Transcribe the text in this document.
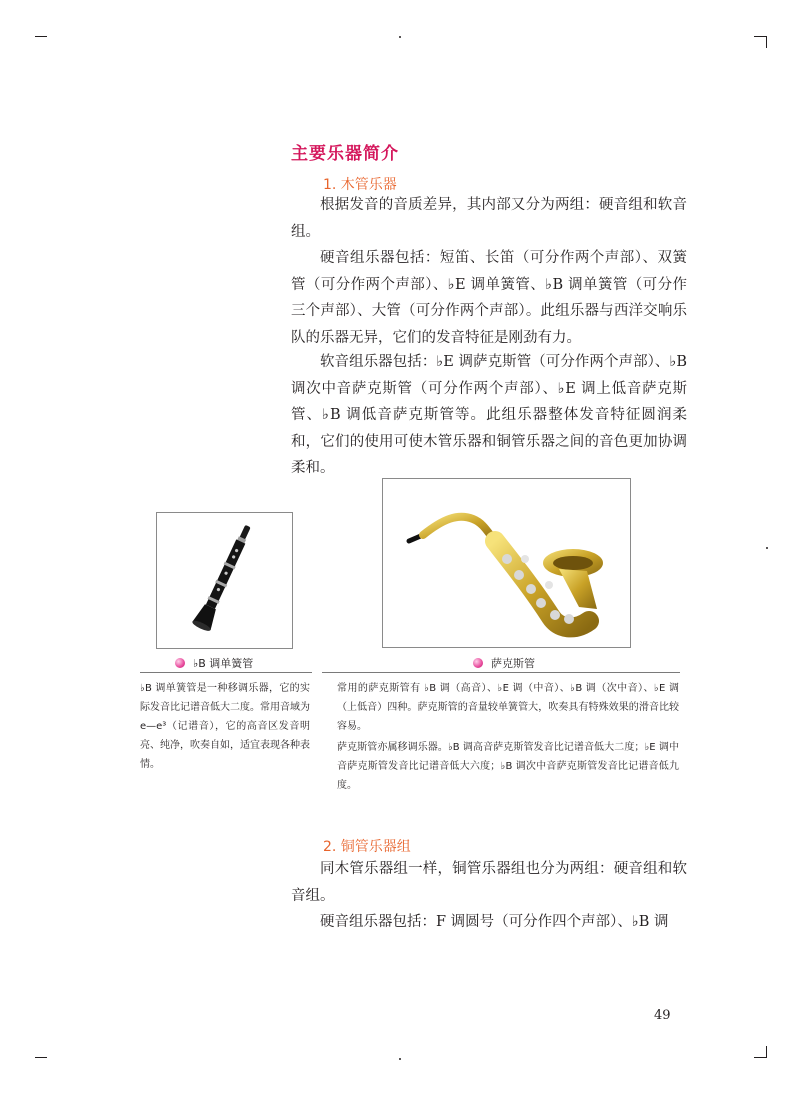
主要乐器简介
1. 木管乐器
根据发音的音质差异，其内部又分为两组：硬音组和软音组。
硬音组乐器包括：短笛、长笛（可分作两个声部）、双簧管（可分作两个声部）、♭E 调单簧管、♭B 调单簧管（可分作三个声部）、大管（可分作两个声部）。此组乐器与西洋交响乐队的乐器无异，它们的发音特征是刚劲有力。
软音组乐器包括：♭E 调萨克斯管（可分作两个声部）、♭B 调次中音萨克斯管（可分作两个声部）、♭E 调上低音萨克斯管、♭B 调低音萨克斯管等。此组乐器整体发音特征圆润柔和，它们的使用可使木管乐器和铜管乐器之间的音色更加协调柔和。
♭B 调单簧管
♭B 调单簧管是一种移调乐器，它的实际发音比记谱音低大二度。常用音域为 e—e³（记谱音），它的高音区发音明亮、纯净，吹奏自如，适宜表现各种表情。
萨克斯管
常用的萨克斯管有 ♭B 调（高音）、♭E 调（中音）、♭B 调（次中音）、♭E 调（上低音）四种。萨克斯管的音量较单簧管大，吹奏具有特殊效果的滑音比较容易。
萨克斯管亦属移调乐器。♭B 调高音萨克斯管发音比记谱音低大二度；♭E 调中音萨克斯管发音比记谱音低大六度；♭B 调次中音萨克斯管发音比记谱音低九度。
2. 铜管乐器组
同木管乐器组一样，铜管乐器组也分为两组：硬音组和软音组。
硬音组乐器包括：F 调圆号（可分作四个声部）、♭B 调
49
